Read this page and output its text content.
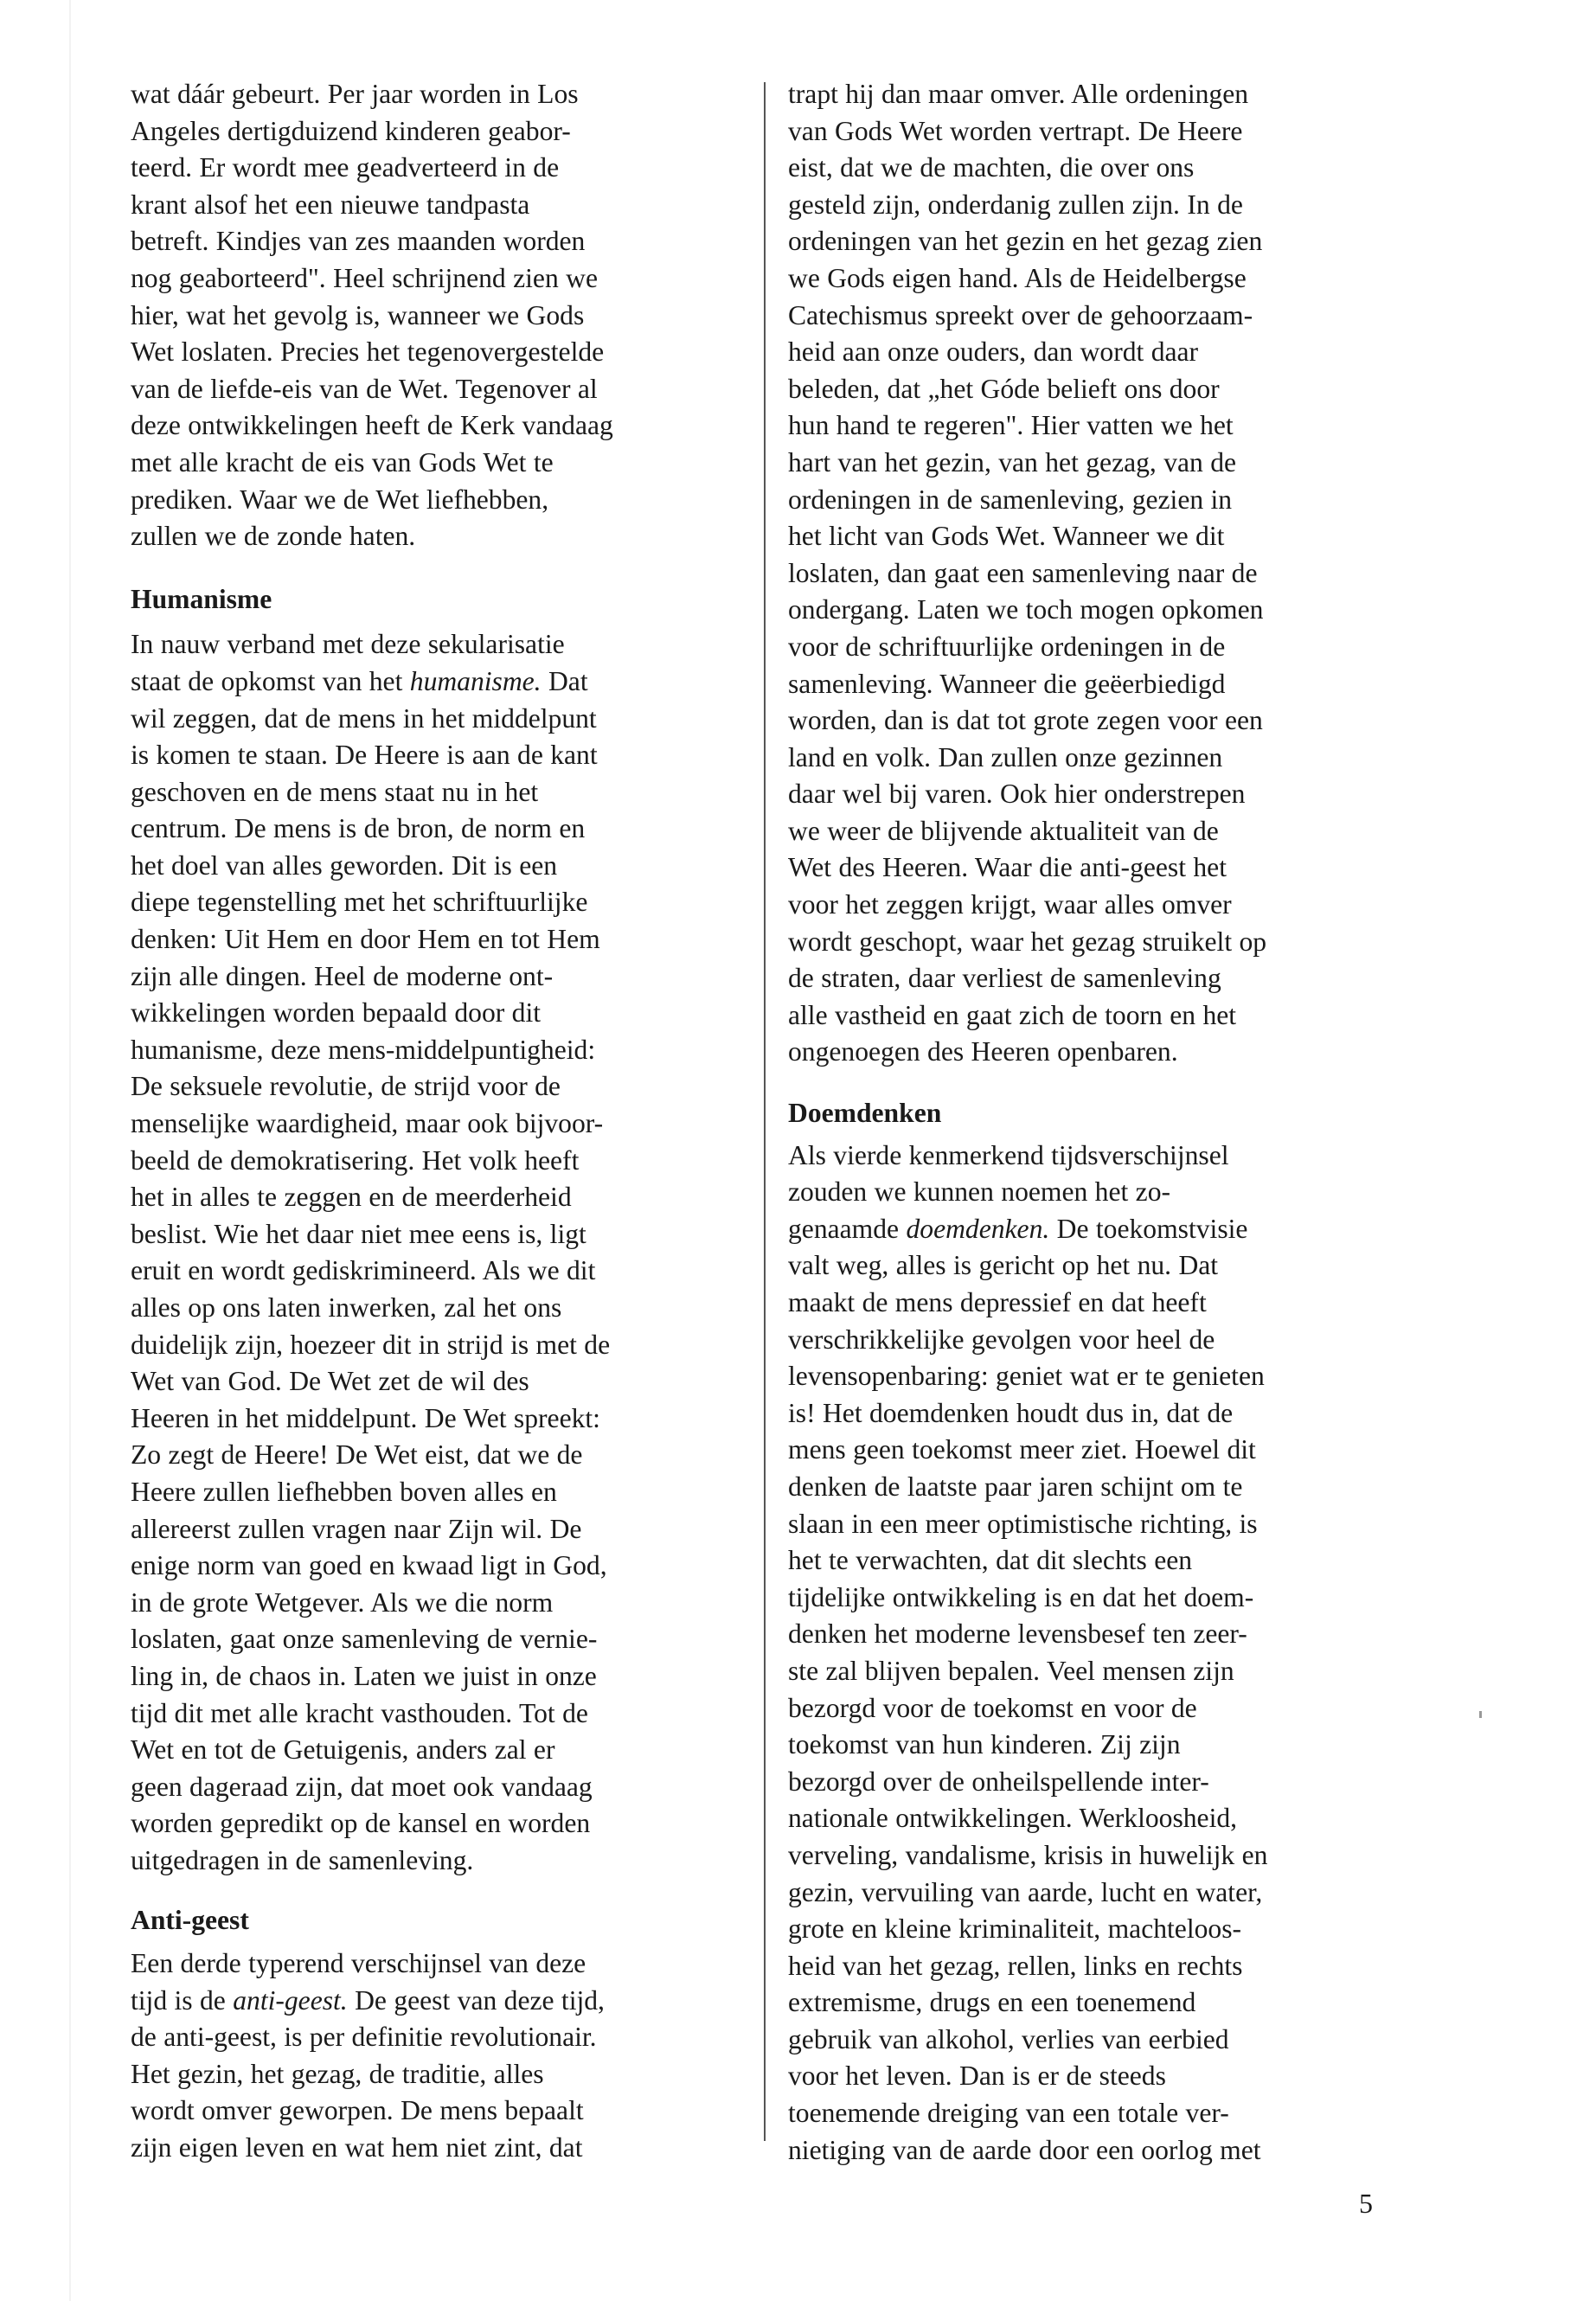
wat dáár gebeurt. Per jaar worden in Los
Angeles dertigduizend kinderen geabor-
teerd. Er wordt mee geadverteerd in de
krant alsof het een nieuwe tandpasta
betreft. Kindjes van zes maanden worden
nog geaborteerd". Heel schrijnend zien we
hier, wat het gevolg is, wanneer we Gods
Wet loslaten. Precies het tegenovergestelde
van de liefde-eis van de Wet. Tegenover al
deze ontwikkelingen heeft de Kerk vandaag
met alle kracht de eis van Gods Wet te
prediken. Waar we de Wet liefhebben,
zullen we de zonde haten.

Humanisme

In nauw verband met deze sekularisatie
staat de opkomst van het humanisme. Dat
wil zeggen, dat de mens in het middelpunt
is komen te staan. De Heere is aan de kant
geschoven en de mens staat nu in het
centrum. De mens is de bron, de norm en
het doel van alles geworden. Dit is een
diepe tegenstelling met het schriftuurlijke
denken: Uit Hem en door Hem en tot Hem
zijn alle dingen. Heel de moderne ont-
wikkelingen worden bepaald door dit
humanisme, deze mens-middelpuntigheid:
De seksuele revolutie, de strijd voor de
menselijke waardigheid, maar ook bijvoor-
beeld de demokratisering. Het volk heeft
het in alles te zeggen en de meerderheid
beslist. Wie het daar niet mee eens is, ligt
eruit en wordt gediskrimineerd. Als we dit
alles op ons laten inwerken, zal het ons
duidelijk zijn, hoezeer dit in strijd is met de
Wet van God. De Wet zet de wil des
Heeren in het middelpunt. De Wet spreekt:
Zo zegt de Heere! De Wet eist, dat we de
Heere zullen liefhebben boven alles en
allereerst zullen vragen naar Zijn wil. De
enige norm van goed en kwaad ligt in God,
in de grote Wetgever. Als we die norm
loslaten, gaat onze samenleving de vernie-
ling in, de chaos in. Laten we juist in onze
tijd dit met alle kracht vasthouden. Tot de
Wet en tot de Getuigenis, anders zal er
geen dageraad zijn, dat moet ook vandaag
worden gepredikt op de kansel en worden
uitgedragen in de samenleving.

Anti-geest

Een derde typerend verschijnsel van deze
tijd is de anti-geest. De geest van deze tijd,
de anti-geest, is per definitie revolutionair.
Het gezin, het gezag, de traditie, alles
wordt omver geworpen. De mens bepaalt
zijn eigen leven en wat hem niet zint, dat

trapt hij dan maar omver. Alle ordeningen
van Gods Wet worden vertrapt. De Heere
eist, dat we de machten, die over ons
gesteld zijn, onderdanig zullen zijn. In de
ordeningen van het gezin en het gezag zien
we Gods eigen hand. Als de Heidelbergse
Catechismus spreekt over de gehoorzaam-
heid aan onze ouders, dan wordt daar
beleden, dat „het Góde belieft ons door
hun hand te regeren". Hier vatten we het
hart van het gezin, van het gezag, van de
ordeningen in de samenleving, gezien in
het licht van Gods Wet. Wanneer we dit
loslaten, dan gaat een samenleving naar de
ondergang. Laten we toch mogen opkomen
voor de schriftuurlijke ordeningen in de
samenleving. Wanneer die geëerbiedigd
worden, dan is dat tot grote zegen voor een
land en volk. Dan zullen onze gezinnen
daar wel bij varen. Ook hier onderstrepen
we weer de blijvende aktualiteit van de
Wet des Heeren. Waar die anti-geest het
voor het zeggen krijgt, waar alles omver
wordt geschopt, waar het gezag struikelt op
de straten, daar verliest de samenleving
alle vastheid en gaat zich de toorn en het
ongenoegen des Heeren openbaren.

Doemdenken

Als vierde kenmerkend tijdsverschijnsel
zouden we kunnen noemen het zo-
genaamde doemdenken. De toekomstvisie
valt weg, alles is gericht op het nu. Dat
maakt de mens depressief en dat heeft
verschrikkelijke gevolgen voor heel de
levensopenbaring: geniet wat er te genieten
is! Het doemdenken houdt dus in, dat de
mens geen toekomst meer ziet. Hoewel dit
denken de laatste paar jaren schijnt om te
slaan in een meer optimistische richting, is
het te verwachten, dat dit slechts een
tijdelijke ontwikkeling is en dat het doem-
denken het moderne levensbesef ten zeer-
ste zal blijven bepalen. Veel mensen zijn
bezorgd voor de toekomst en voor de
toekomst van hun kinderen. Zij zijn
bezorgd over de onheilspellende inter-
nationale ontwikkelingen. Werkloosheid,
verveling, vandalisme, krisis in huwelijk en
gezin, vervuiling van aarde, lucht en water,
grote en kleine kriminaliteit, machteloos-
heid van het gezag, rellen, links en rechts
extremisme, drugs en een toenemend
gebruik van alkohol, verlies van eerbied
voor het leven. Dan is er de steeds
toenemende dreiging van een totale ver-
nietiging van de aarde door een oorlog met

5
